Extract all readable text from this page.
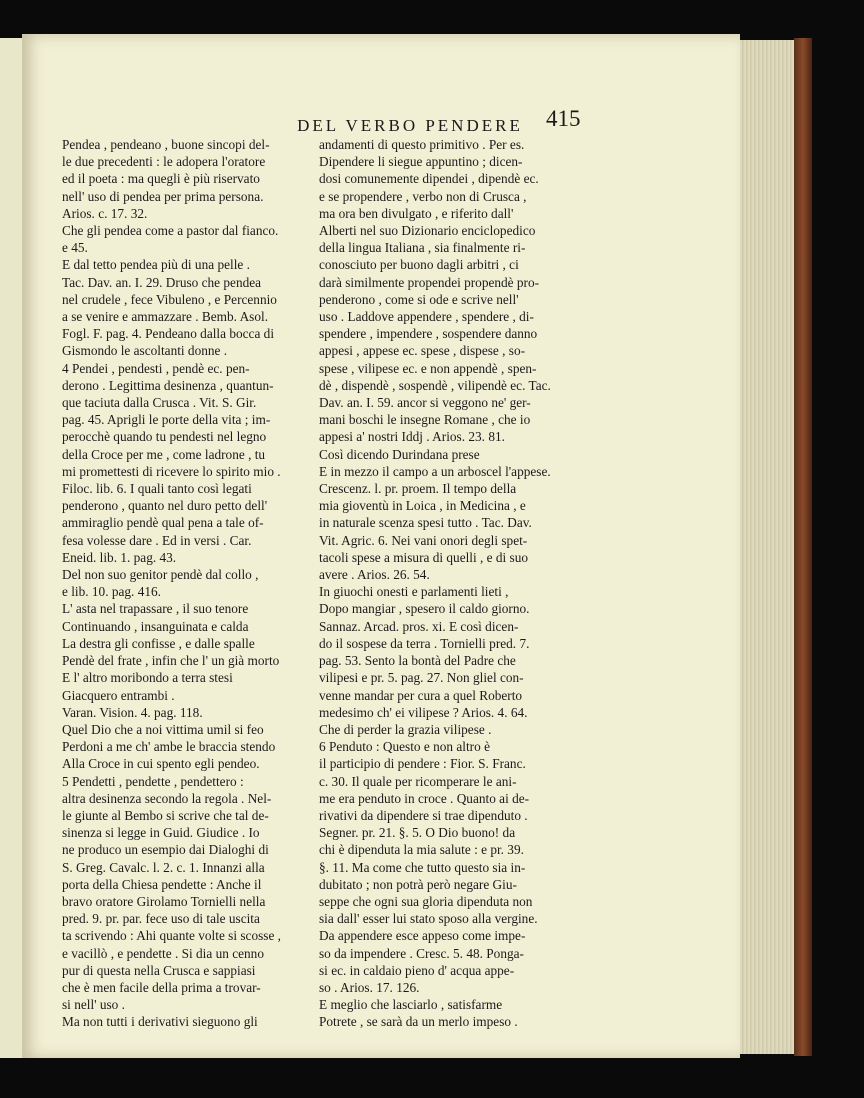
DEL VERBO PENDERE	415

Pendea , pendeano , buone sincopi del-

le due precedenti : le adopera l'oratore

ed il poeta : ma quegli è più riservato

nell' uso di pendea per prima persona.

Arios. c. 17. 32.

Che gli pendea come a pastor dal fianco.

e 45.

E dal tetto pendea più di una pelle .

Tac. Dav. an. I. 29. Druso che pendea

nel crudele , fece Vibuleno , e Percennio

a se venire e ammazzare . Bemb. Asol.

Fogl. F. pag. 4. Pendeano dalla bocca di

Gismondo le ascoltanti donne .

4 Pendei , pendesti , pendè ec. pen-

derono . Legittima desinenza , quantun-

que taciuta dalla Crusca . Vit. S. Gir.

pag. 45. Aprigli le porte della vita ; im-

perocchè quando tu pendesti nel legno

della Croce per me , come ladrone , tu

mi promettesti di ricevere lo spirito mio .

Filoc. lib. 6. I quali tanto così legati

penderono , quanto nel duro petto dell'

ammiraglio pendè qual pena a tale of-

fesa volesse dare . Ed in versi . Car.

Eneid. lib. 1. pag. 43.

Del non suo genitor pendè dal collo ,

e lib. 10. pag. 416.

L' asta nel trapassare , il suo tenore

Continuando , insanguinata e calda

La destra gli confisse , e dalle spalle

Pendè del frate , infin che l' un già morto

E l' altro moribondo a terra stesi

Giacquero entrambi .

Varan. Vision. 4. pag. 118.

Quel Dio che a noi vittima umil si feo

Perdoni a me ch' ambe le braccia stendo

Alla Croce in cui spento egli pendeo.

5 Pendetti , pendette , pendettero :

altra desinenza secondo la regola . Nel-

le giunte al Bembo si scrive che tal de-

sinenza si legge in Guid. Giudice . Io

ne produco un esempio dai Dialoghi di

S. Greg. Cavalc. l. 2. c. 1. Innanzi alla

porta della Chiesa pendette : Anche il

bravo oratore Girolamo Tornielli nella

pred. 9. pr. par. fece uso di tale uscita

ta scrivendo : Ahi quante volte si scosse ,

e vacillò , e pendette . Si dia un cenno

pur di questa nella Crusca e sappiasi

che è men facile della prima a trovar-

si nell' uso .

Ma non tutti i derivativi sieguono gli

andamenti di questo primitivo . Per es.

Dipendere li siegue appuntino ; dicen-

dosi comunemente dipendei , dipendè ec.

e se propendere , verbo non di Crusca ,

ma ora ben divulgato , e riferito dall'

Alberti nel suo Dizionario enciclopedico

della lingua Italiana , sia finalmente ri-

conosciuto per buono dagli arbitri , ci

darà similmente propendei propendè pro-

penderono , come si ode e scrive nell'

uso . Laddove appendere , spendere , di-

spendere , impendere , sospendere danno

appesi , appese ec. spese , dispese , so-

spese , vilipese ec. e non appendè , spen-

dè , dispendè , sospendè , vilipendè ec. Tac.

Dav. an. I. 59. ancor si veggono ne' ger-

mani boschi le insegne Romane , che io

appesi a' nostri Iddj . Arios. 23. 81.

Così dicendo Durindana prese

E in mezzo il campo a un arboscel l'appese.

Crescenz. l. pr. proem. Il tempo della

mia gioventù in Loica , in Medicina , e

in naturale scenza spesi tutto . Tac. Dav.

Vit. Agric. 6. Nei vani onori degli spet-

tacoli spese a misura di quelli , e di suo

avere . Arios. 26. 54.

In giuochi onesti e parlamenti lieti ,

Dopo mangiar , spesero il caldo giorno.

Sannaz. Arcad. pros. xi. E così dicen-

do il sospese da terra . Tornielli pred. 7.

pag. 53. Sento la bontà del Padre che

vilipesi e pr. 5. pag. 27. Non gliel con-

venne mandar per cura a quel Roberto

medesimo ch' ei vilipese ? Arios. 4. 64.

Che di perder la grazia vilipese .

6 Penduto : Questo e non altro è

il participio di pendere : Fior. S. Franc.

c. 30. Il quale per ricomperare le ani-

me era penduto in croce . Quanto ai de-

rivativi da dipendere si trae dipenduto .

Segner. pr. 21. §. 5. O Dio buono! da

chi è dipenduta la mia salute : e pr. 39.

§. 11. Ma come che tutto questo sia in-

dubitato ; non potrà però negare Giu-

seppe che ogni sua gloria dipenduta non

sia dall' esser lui stato sposo alla vergine.

Da appendere esce appeso come impe-

so da impendere . Cresc. 5. 48. Ponga-

si ec. in caldaio pieno d' acqua appe-

so . Arios. 17. 126.

E meglio che lasciarlo , satisfarme

Potrete , se sarà da un merlo impeso .
